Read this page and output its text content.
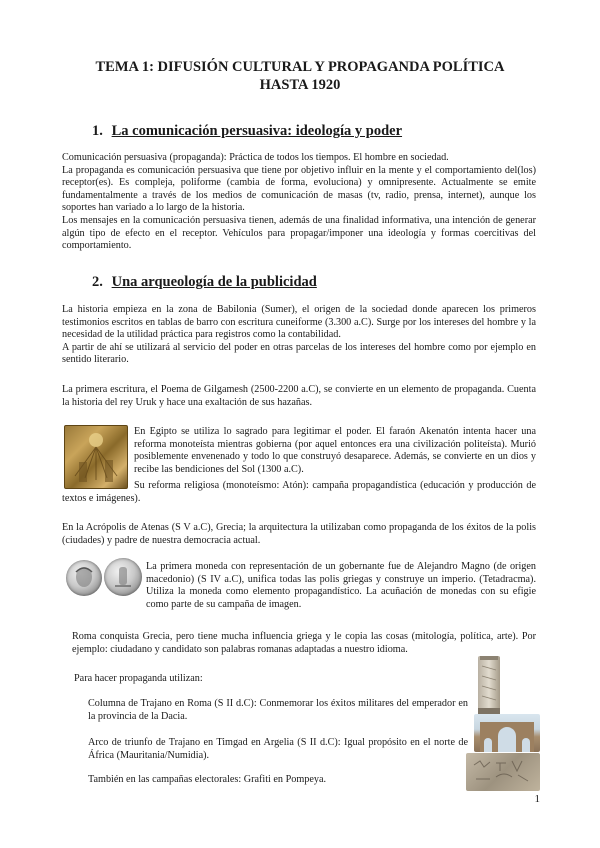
TEMA 1: DIFUSIÓN CULTURAL Y PROPAGANDA POLÍTICA
HASTA 1920
1. La comunicación persuasiva: ideología y poder

Comunicación persuasiva (propaganda): Práctica de todos los tiempos. El hombre en sociedad.

La propaganda es comunicación persuasiva que tiene por objetivo influir en la mente y el comportamiento del(los) receptor(es). Es compleja, poliforme (cambia de forma, evoluciona) y omnipresente. Actualmente se emite fundamentalmente a través de los medios de comunicación de masas (tv, radio, prensa, internet), aunque los soportes han variado a lo largo de la historia.

Los mensajes en la comunicación persuasiva tienen, además de una finalidad informativa, una intención de generar algún tipo de efecto en el receptor. Vehículos para propagar/imponer una ideología y formas coercitivas del comportamiento.

2. Una arqueología de la publicidad

La historia empieza en la zona de Babilonia (Sumer), el origen de la sociedad donde aparecen los primeros testimonios escritos en tablas de barro con escritura cuneiforme (3.300 a.C). Surge por los intereses del hombre y la necesidad de la utilidad práctica para registros como la contabilidad.

A partir de ahí se utilizará al servicio del poder en otras parcelas de los intereses del hombre como por ejemplo en sentido literario.

La primera escritura, el Poema de Gilgamesh (2500-2200 a.C), se convierte en un elemento de propaganda. Cuenta la historia del rey Uruk y hace una exaltación de sus hazañas.

En Egipto se utiliza lo sagrado para legitimar el poder. El faraón Akenatón intenta hacer una reforma monoteísta mientras gobierna (por aquel entonces era una civilización politeísta). Murió posiblemente envenenado y todo lo que construyó desaparece. Además, se convierte en un dios y recibe las bendiciones del Sol (1300 a.C).

Su reforma religiosa (monoteísmo: Atón): campaña propagandística (educación y producción de textos e imágenes).

En la Acrópolis de Atenas (S V a.C), Grecia; la arquitectura la utilizaban como propaganda de los éxitos de la polis (ciudades) y padre de nuestra democracia actual.

La primera moneda con representación de un gobernante fue de Alejandro Magno (de origen macedonio) (S IV a.C), unifica todas las polis griegas y construye un imperio. (Tetadracma). Utiliza la moneda como elemento propagandístico. La acuñación de monedas con su efigie como parte de su campaña de imagen.

Roma conquista Grecia, pero tiene mucha influencia griega y le copia las cosas (mitología, política, arte). Por ejemplo: ciudadano y candidato son palabras romanas adaptadas a nuestro idioma.

Para hacer propaganda utilizan:

Columna de Trajano en Roma (S II d.C): Conmemorar los éxitos militares del emperador en la provincia de la Dacia.

Arco de triunfo de Trajano en Timgad en Argelia (S II d.C): Igual propósito en el norte de África (Mauritania/Numidia).

También en las campañas electorales: Grafiti en Pompeya.

1
